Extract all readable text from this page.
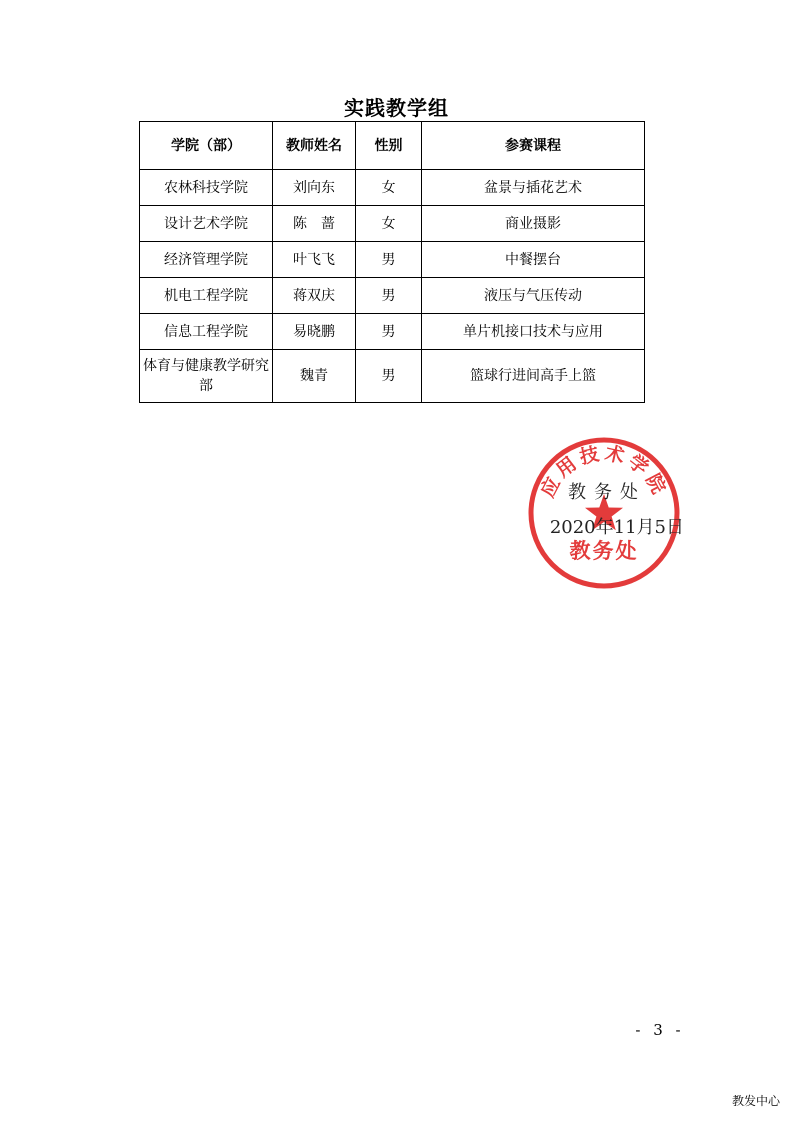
实践教学组
学院（部）	教师姓名	性别	参赛课程
农林科技学院	刘向东	女	盆景与插花艺术
设计艺术学院	陈　蔷	女	商业摄影
经济管理学院	叶飞飞	男	中餐摆台
机电工程学院	蒋双庆	男	液压与气压传动
信息工程学院	易晓鹏	男	单片机接口技术与应用
体育与健康教学研究部	魏青	男	篮球行进间高手上篮
应用技术学院
教务处
教务处
2020年11月5日
- 3 -
教发中心
